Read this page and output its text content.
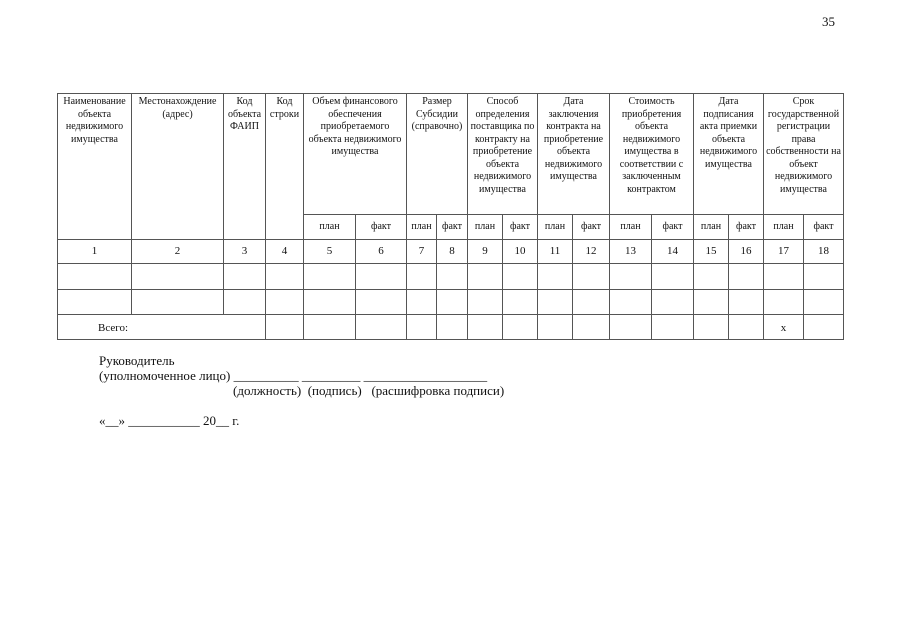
35
Наименование объекта недвижимого имущества	Местонахождение (адрес)	Код объекта ФАИП	Код строки	Объем финансового обеспечения приобретаемого объекта недвижимого имущества		Размер Субсидии (справочно)		Способ определения поставщика по контракту на приобретение объекта недвижимого имущества		Дата заключения контракта на приобретение объекта недвижимого имущества		Стоимость приобретения объекта недвижимого имущества в соответствии с заключенным контрактом		Дата подписания акта приемки объекта недвижимого имущества		Срок государственной регистрации права собственности на объект недвижимого имущества	
				план	факт	план	факт	план	факт	план	факт	план	факт	план	факт	план	факт
1	2	3	4	5	6	7	8	9	10	11	12	13	14	15	16	17	18

Всего:																x	
Руководитель
(уполномоченное лицо) __________ _________ ___________________
(должность)  (подпись)   (расшифровка подписи)
«__» ___________ 20__ г.
